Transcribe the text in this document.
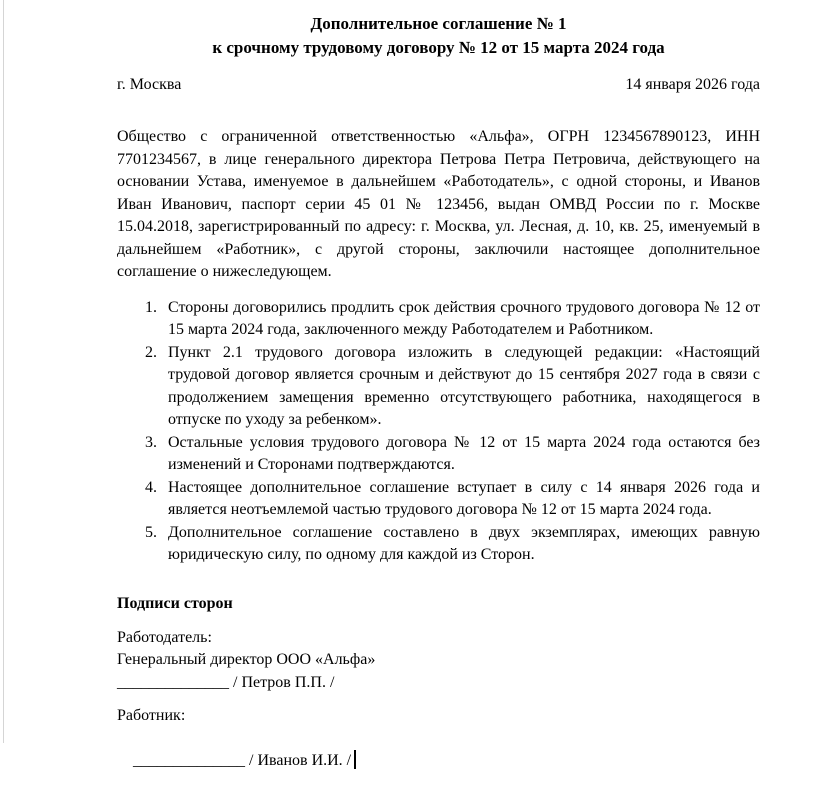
Дополнительное соглашение № 1
к срочному трудовому договору № 12 от 15 марта 2024 года
г. Москва	14 января 2026 года
Общество с ограниченной ответственностью «Альфа», ОГРН 1234567890123, ИНН 7701234567, в лице генерального директора Петрова Петра Петровича, действующего на основании Устава, именуемое в дальнейшем «Работодатель», с одной стороны, и Иванов Иван Иванович, паспорт серии 45 01 № 123456, выдан ОМВД России по г. Москве 15.04.2018, зарегистрированный по адресу: г. Москва, ул. Лесная, д. 10, кв. 25, именуемый в дальнейшем «Работник», с другой стороны, заключили настоящее дополнительное соглашение о нижеследующем.
1. Стороны договорились продлить срок действия срочного трудового договора № 12 от 15 марта 2024 года, заключенного между Работодателем и Работником.
2. Пункт 2.1 трудового договора изложить в следующей редакции: «Настоящий трудовой договор является срочным и действуют до 15 сентября 2027 года в связи с продолжением замещения временно отсутствующего работника, находящегося в отпуске по уходу за ребенком».
3. Остальные условия трудового договора № 12 от 15 марта 2024 года остаются без изменений и Сторонами подтверждаются.
4. Настоящее дополнительное соглашение вступает в силу с 14 января 2026 года и является неотъемлемой частью трудового договора № 12 от 15 марта 2024 года.
5. Дополнительное соглашение составлено в двух экземплярах, имеющих равную юридическую силу, по одному для каждой из Сторон.
Подписи сторон
Работодатель:
Генеральный директор ООО «Альфа»
______________ / Петров П.П. /
Работник:

______________ / Иванов И.И. /
